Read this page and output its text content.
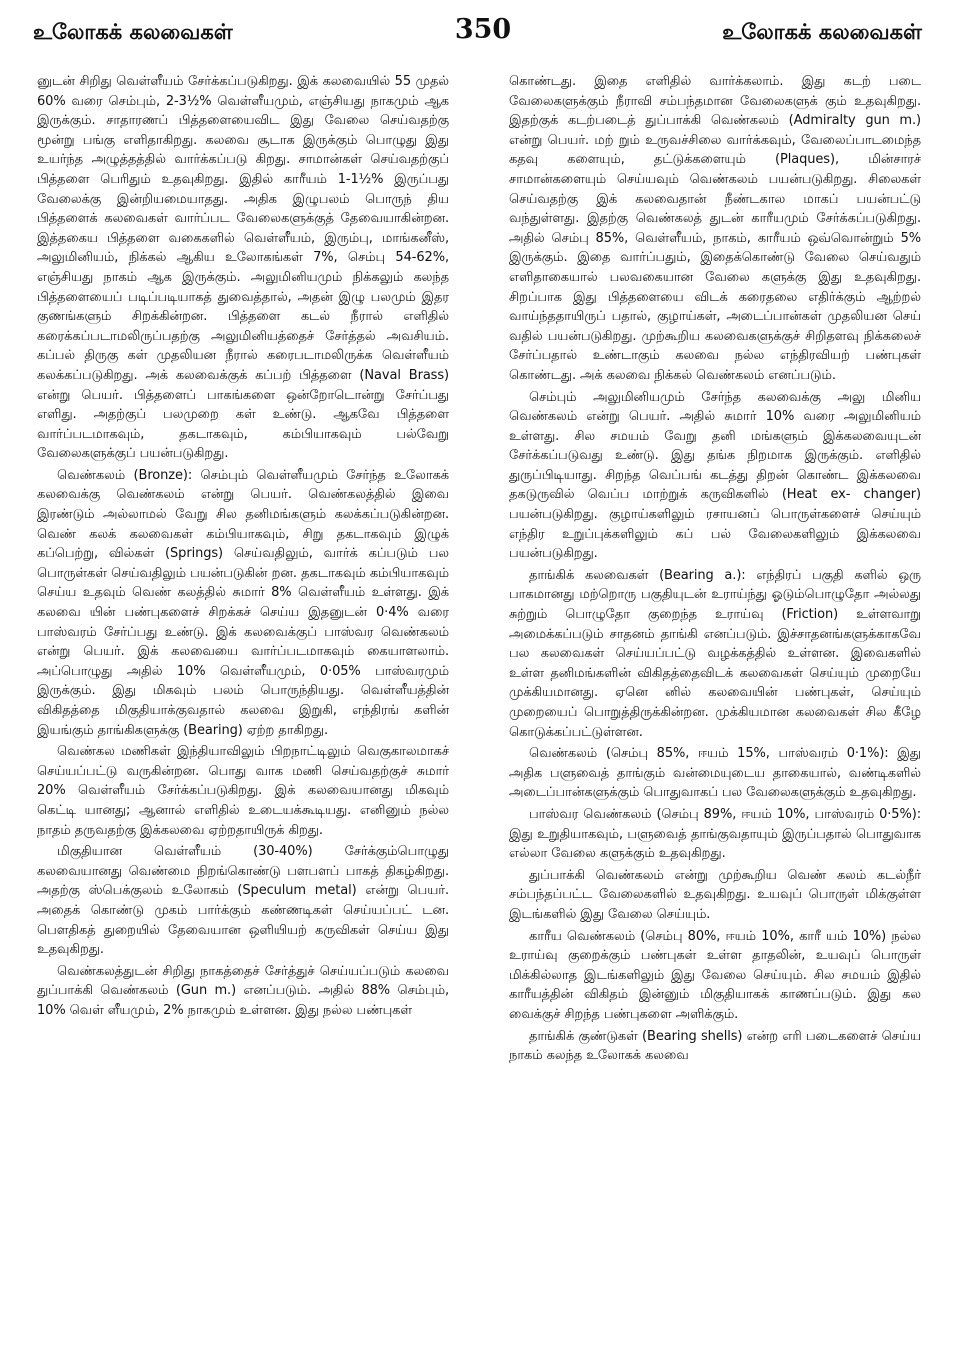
உலோகக் கலவைகள்	350	உலோகக் கலவைகள்

னுடன் சிறிது வெள்ளீயம் சேர்க்கப்படுகிறது. இக் கலவையில் 55 முதல் 60% வரை செம்பும், 2-3½% வெள்ளீயமும், எஞ்சியது நாகமும் ஆக இருக்கும். சாதாரணப் பித்தளையைவிட இது வேலை செய்வதற்கு மூன்று பங்கு எளிதாகிறது. கலவை சூடாக இருக்கும் பொழுது இது உயர்ந்த அழுத்தத்தில் வார்க்கப்படு கிறது. சாமான்கள் செய்வதற்குப் பித்தளை பெரிதும் உதவுகிறது. இதில் காரீயம் 1-1½% இருப்பது வேலைக்கு இன்றியமையாதது. அதிக இழுபலம் பொருந் திய பித்தளைக் கலவைகள் வார்ப்பட வேலைகளுக்குத் தேவையாகின்றன. இத்தகைய பித்தளை வகைகளில் வெள்ளீயம், இரும்பு, மாங்கனீஸ், அலுமினியம், நிக்கல் ஆகிய உலோகங்கள் 7%, செம்பு 54-62%, எஞ்சியது நாகம் ஆக இருக்கும். அலுமினியமும் நிக்கலும் கலந்த பித்தளையைப் படிப்படியாகத் துவைத்தால், அதன் இழு பலமும் இதர குணங்களும் சிறக்கின்றன. பித்தளை கடல் நீரால் எளிதில் கரைக்கப்படாமலிருப்பதற்கு அலுமினியத்தைச் சேர்த்தல் அவசியம். கப்பல் திருகு கள் முதலியன நீரால் கரைபடாமலிருக்க வெள்ளீயம் கலக்கப்படுகிறது. அக் கலவைக்குக் கப்பற் பித்தளை (Naval Brass) என்று பெயர். பித்தளைப் பாகங்களை ஒன்றோடொன்று சேர்ப்பது எளிது. அதற்குப் பலமுறை கள் உண்டு. ஆகவே பித்தளை வார்ப்படமாகவும், தகடாகவும், கம்பியாகவும் பல்வேறு வேலைகளுக்குப் பயன்படுகிறது.

வெண்கலம் (Bronze): செம்பும் வெள்ளீயமும் சேர்ந்த உலோகக் கலவைக்கு வெண்கலம் என்று பெயர். வெண்கலத்தில் இவை இரண்டும் அல்லாமல் வேறு சில தனிமங்களும் கலக்கப்படுகின்றன. வெண் கலக் கலவைகள் கம்பியாகவும், சிறு தகடாகவும் இழுக் கப்பெற்று, வில்கள் (Springs) செய்வதிலும், வார்க் கப்படும் பல பொருள்கள் செய்வதிலும் பயன்படுகின் றன. தகடாகவும் கம்பியாகவும் செய்ய உதவும் வெண் கலத்தில் சுமார் 8% வெள்ளீயம் உள்ளது. இக் கலவை யின் பண்புகளைச் சிறக்கச் செய்ய இதனுடன் 0·4% வரை பாஸ்வரம் சேர்ப்பது உண்டு. இக் கலவைக்குப் பாஸ்வர வெண்கலம் என்று பெயர். இக் கலவையை வார்ப்படமாகவும் கையாளலாம். அப்பொழுது அதில் 10% வெள்ளீயமும், 0·05% பாஸ்வரமும் இருக்கும். இது மிகவும் பலம் பொருந்தியது. வெள்ளீயத்தின் விகிதத்தை மிகுதியாக்குவதால் கலவை இறுகி, எந்திரங் களின் இயங்கும் தாங்கிகளுக்கு (Bearing) ஏற்ற தாகிறது.

வெண்கல மணிகள் இந்தியாவிலும் பிறநாட்டிலும் வெகுகாலமாகச் செய்யப்பட்டு வருகின்றன. பொது வாக மணி செய்வதற்குச் சுமார் 20% வெள்ளீயம் சேர்க்கப்படுகிறது. இக் கலவையானது மிகவும் கெட்டி யானது; ஆனால் எளிதில் உடையக்கூடியது. எனினும் நல்ல நாதம் தருவதற்கு இக்கலவை ஏற்றதாயிருக் கிறது.

மிகுதியான வெள்ளீயம் (30-40%) சேர்க்கும்பொழுது கலவையானது வெண்மை நிறங்கொண்டு பளபளப் பாகத் திகழ்கிறது. அதற்கு ஸ்பெக்குலம் உலோகம் (Speculum metal) என்று பெயர். அதைக் கொண்டு முகம் பார்க்கும் கண்ணடிகள் செய்யப்பட் டன. பௌதிகத் துறையில் தேவையான ஒளியியற் கருவிகள் செய்ய இது உதவுகிறது.

வெண்கலத்துடன் சிறிது நாகத்தைச் சேர்த்துச் செய்யப்படும் கலவை துப்பாக்கி வெண்கலம் (Gun m.) எனப்படும். அதில் 88% செம்பும், 10% வெள் ளீயமும், 2% நாகமும் உள்ளன. இது நல்ல பண்புகள்

கொண்டது. இதை எளிதில் வார்க்கலாம். இது கடற் படை வேலைகளுக்கும் நீராவி சம்பந்தமான வேலைகளுக் கும் உதவுகிறது. இதற்குக் கடற்படைத் துப்பாக்கி வெண்கலம் (Admiralty gun m.) என்று பெயர். மற் றும் உருவச்சிலை வார்க்கவும், வேலைப்பாடமைந்த கதவு களையும், தட்டுக்களையும் (Plaques), மின்சாரச் சாமான்களையும் செய்யவும் வெண்கலம் பயன்படுகிறது. சிலைகள் செய்வதற்கு இக் கலவைதான் நீண்டகால மாகப் பயன்பட்டு வந்துள்ளது. இதற்கு வெண்கலத் துடன் காரீயமும் சேர்க்கப்படுகிறது. அதில் செம்பு 85%, வெள்ளீயம், நாகம், காரீயம் ஒவ்வொன்றும் 5% இருக்கும். இதை வார்ப்பதும், இதைக்கொண்டு வேலை செய்வதும் எளிதாகையால் பலவகையான வேலை களுக்கு இது உதவுகிறது. சிறப்பாக இது பித்தளையை விடக் கரைதலை எதிர்க்கும் ஆற்றல் வாய்ந்ததாயிருப் பதால், குழாய்கள், அடைப்பான்கள் முதலியன செய் வதில் பயன்படுகிறது. முற்கூறிய கலவைகளுக்குச் சிறிதளவு நிக்கலைச் சேர்ப்பதால் உண்டாகும் கலவை நல்ல எந்திரவியற் பண்புகள் கொண்டது. அக் கலவை நிக்கல் வெண்கலம் எனப்படும்.

செம்பும் அலுமினியமும் சேர்ந்த கலவைக்கு அலு மினிய வெண்கலம் என்று பெயர். அதில் சுமார் 10% வரை அலுமினியம் உள்ளது. சில சமயம் வேறு தனி மங்களும் இக்கலவையுடன் சேர்க்கப்படுவது உண்டு. இது தங்க நிறமாக இருக்கும். எளிதில் துருப்பிடியாது. சிறந்த வெப்பங் கடத்து திறன் கொண்ட இக்கலவை தகடுருவில் வெப்ப மாற்றுக் கருவிகளில் (Heat ex- changer) பயன்படுகிறது. குழாய்களிலும் ரசாயனப் பொருள்களைச் செய்யும் எந்திர உறுப்புக்களிலும் கப் பல் வேலைகளிலும் இக்கலவை பயன்படுகிறது.

தாங்கிக் கலவைகள் (Bearing a.): எந்திரப் பகுதி களில் ஒரு பாகமானது மற்றொரு பகுதியுடன் உராய்ந்து ஓடும்பொழுதோ அல்லது சுற்றும் பொழுதோ குறைந்த உராய்வு (Friction) உள்ளவாறு அமைக்கப்படும் சாதனம் தாங்கி எனப்படும். இச்சாதனங்களுக்காகவே பல கலவைகள் செய்யப்பட்டு வழக்கத்தில் உள்ளன. இவைகளில் உள்ள தனிமங்களின் விகிதத்தைவிடக் கலவைகள் செய்யும் முறையே முக்கியமானது. ஏனெ னில் கலவையின் பண்புகள், செய்யும் முறையைப் பொறுத்திருக்கின்றன. முக்கியமான கலவைகள் சில கீழே கொடுக்கப்பட்டுள்ளன.

வெண்கலம் (செம்பு 85%, ஈயம் 15%, பாஸ்வரம் 0·1%): இது அதிக பளுவைத் தாங்கும் வன்மையுடைய தாகையால், வண்டிகளில் அடைப்பான்களுக்கும் பொதுவாகப் பல வேலைகளுக்கும் உதவுகிறது.

பாஸ்வர வெண்கலம் (செம்பு 89%, ஈயம் 10%, பாஸ்வரம் 0·5%): இது உறுதியாகவும், பளுவைத் தாங்குவதாயும் இருப்பதால் பொதுவாக எல்லா வேலை களுக்கும் உதவுகிறது.

துப்பாக்கி வெண்கலம் என்று முற்கூறிய வெண் கலம் கடல்நீர் சம்பந்தப்பட்ட வேலைகளில் உதவுகிறது. உயவுப் பொருள் மிக்குள்ள இடங்களில் இது வேலை செய்யும்.

காரீய வெண்கலம் (செம்பு 80%, ஈயம் 10%, காரீ யம் 10%) நல்ல உராய்வு குறைக்கும் பண்புகள் உள்ள தாதலின், உயவுப் பொருள் மிக்கில்லாத இடங்களிலும் இது வேலை செய்யும். சில சமயம் இதில் காரீயத்தின் விகிதம் இன்னும் மிகுதியாகக் காணப்படும். இது கல வைக்குச் சிறந்த பண்புகளை அளிக்கும்.

தாங்கிக் குண்டுகள் (Bearing shells) என்ற எரி படைகளைச் செய்ய நாகம் கலந்த உலோகக் கலவை
